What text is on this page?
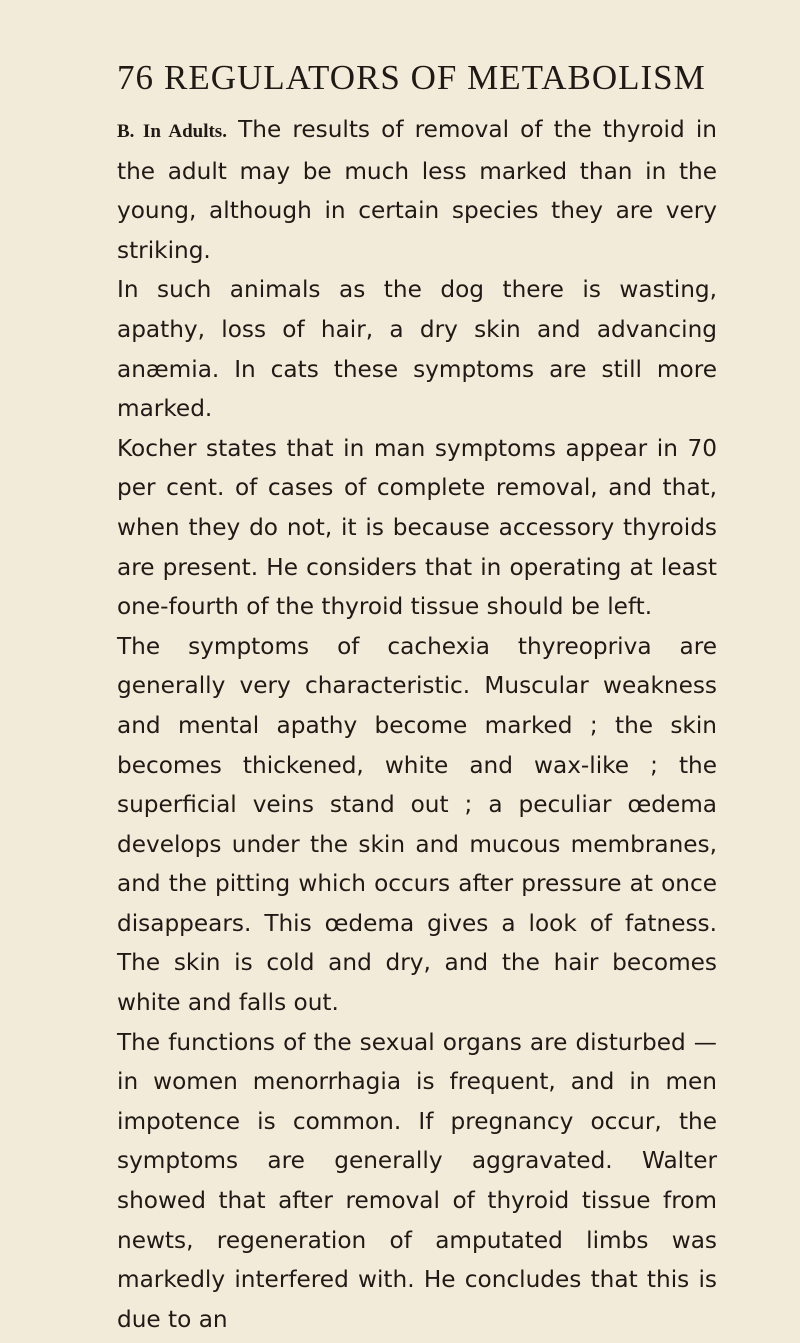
76 REGULATORS OF METABOLISM

B. In Adults. The results of removal of the thyroid in the adult may be much less marked than in the young, although in certain species they are very striking.

In such animals as the dog there is wasting, apathy, loss of hair, a dry skin and advancing anæmia. In cats these symptoms are still more marked.

Kocher states that in man symptoms appear in 70 per cent. of cases of complete removal, and that, when they do not, it is because accessory thyroids are present. He considers that in operating at least one-fourth of the thyroid tissue should be left.

The symptoms of cachexia thyreopriva are generally very characteristic. Muscular weakness and mental apathy become marked ; the skin becomes thickened, white and wax-like ; the superficial veins stand out ; a peculiar œdema develops under the skin and mucous membranes, and the pitting which occurs after pressure at once disappears. This œdema gives a look of fatness. The skin is cold and dry, and the hair becomes white and falls out.

The functions of the sexual organs are disturbed —in women menorrhagia is frequent, and in men impotence is common. If pregnancy occur, the symptoms are generally aggravated. Walter showed that after removal of thyroid tissue from newts, regeneration of amputated limbs was markedly interfered with. He concludes that this is due to an
